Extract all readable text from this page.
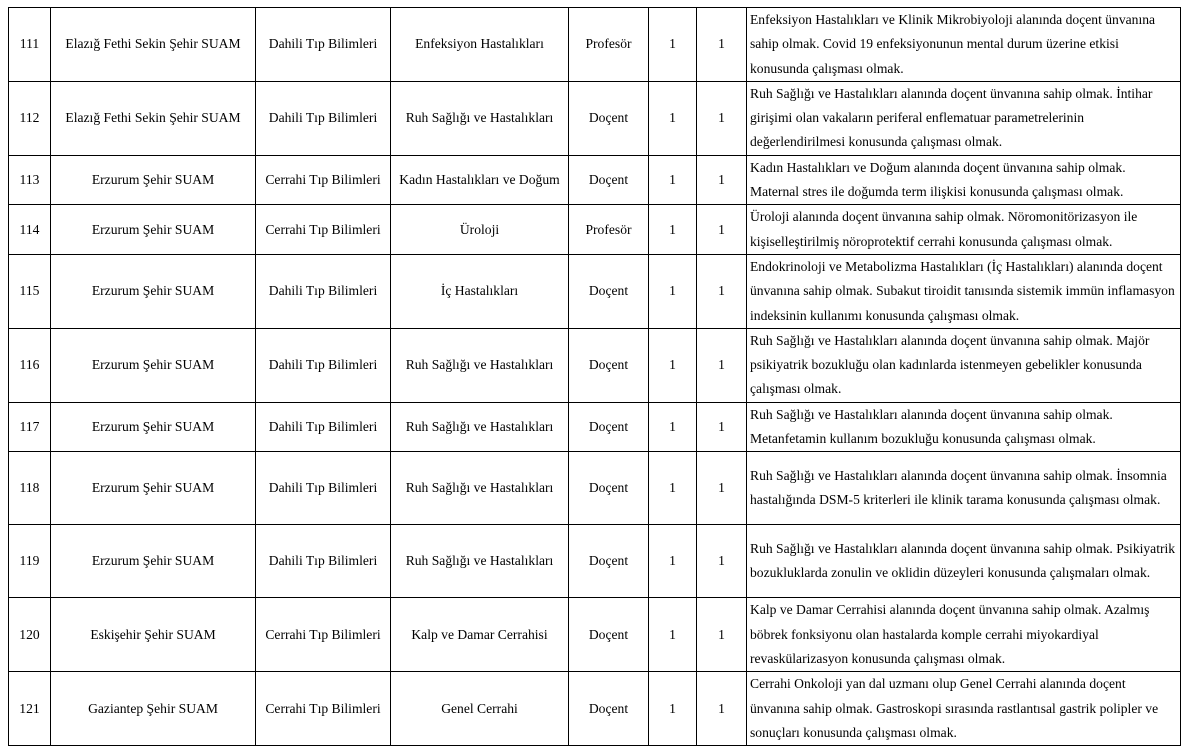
111	Elazığ Fethi Sekin Şehir SUAM	Dahili Tıp Bilimleri	Enfeksiyon Hastalıkları	Profesör	1	1	Enfeksiyon Hastalıkları ve Klinik Mikrobiyoloji alanında doçent ünvanına sahip olmak. Covid 19 enfeksiyonunun mental durum üzerine etkisi konusunda çalışması olmak.
112	Elazığ Fethi Sekin Şehir SUAM	Dahili Tıp Bilimleri	Ruh Sağlığı ve Hastalıkları	Doçent	1	1	Ruh Sağlığı ve Hastalıkları alanında doçent ünvanına sahip olmak. İntihar girişimi olan vakaların periferal enflematuar parametrelerinin değerlendirilmesi konusunda çalışması olmak.
113	Erzurum Şehir SUAM	Cerrahi Tıp Bilimleri	Kadın Hastalıkları ve Doğum	Doçent	1	1	Kadın Hastalıkları ve Doğum alanında doçent ünvanına sahip olmak. Maternal stres ile doğumda term ilişkisi konusunda çalışması olmak.
114	Erzurum Şehir SUAM	Cerrahi Tıp Bilimleri	Üroloji	Profesör	1	1	Üroloji alanında doçent ünvanına sahip olmak. Nöromonitörizasyon ile kişiselleştirilmiş nöroprotektif cerrahi konusunda çalışması olmak.
115	Erzurum Şehir SUAM	Dahili Tıp Bilimleri	İç Hastalıkları	Doçent	1	1	Endokrinoloji ve Metabolizma Hastalıkları (İç Hastalıkları) alanında doçent ünvanına sahip olmak. Subakut tiroidit tanısında sistemik immün inflamasyon indeksinin kullanımı konusunda çalışması olmak.
116	Erzurum Şehir SUAM	Dahili Tıp Bilimleri	Ruh Sağlığı ve Hastalıkları	Doçent	1	1	Ruh Sağlığı ve Hastalıkları alanında doçent ünvanına sahip olmak. Majör psikiyatrik bozukluğu olan kadınlarda istenmeyen gebelikler konusunda çalışması olmak.
117	Erzurum Şehir SUAM	Dahili Tıp Bilimleri	Ruh Sağlığı ve Hastalıkları	Doçent	1	1	Ruh Sağlığı ve Hastalıkları alanında doçent ünvanına sahip olmak. Metanfetamin kullanım bozukluğu konusunda çalışması olmak.
118	Erzurum Şehir SUAM	Dahili Tıp Bilimleri	Ruh Sağlığı ve Hastalıkları	Doçent	1	1	Ruh Sağlığı ve Hastalıkları alanında doçent ünvanına sahip olmak. İnsomnia hastalığında DSM-5 kriterleri ile klinik tarama konusunda çalışması olmak.
119	Erzurum Şehir SUAM	Dahili Tıp Bilimleri	Ruh Sağlığı ve Hastalıkları	Doçent	1	1	Ruh Sağlığı ve Hastalıkları alanında doçent ünvanına sahip olmak. Psikiyatrik bozukluklarda zonulin ve oklidin düzeyleri konusunda çalışmaları olmak.
120	Eskişehir Şehir SUAM	Cerrahi Tıp Bilimleri	Kalp ve Damar Cerrahisi	Doçent	1	1	Kalp ve Damar Cerrahisi alanında doçent ünvanına sahip olmak. Azalmış böbrek fonksiyonu olan hastalarda komple cerrahi miyokardiyal revaskülarizasyon konusunda çalışması olmak.
121	Gaziantep Şehir SUAM	Cerrahi Tıp Bilimleri	Genel Cerrahi	Doçent	1	1	Cerrahi Onkoloji yan dal uzmanı olup Genel Cerrahi alanında doçent ünvanına sahip olmak. Gastroskopi sırasında rastlantısal gastrik polipler ve sonuçları konusunda çalışması olmak.
